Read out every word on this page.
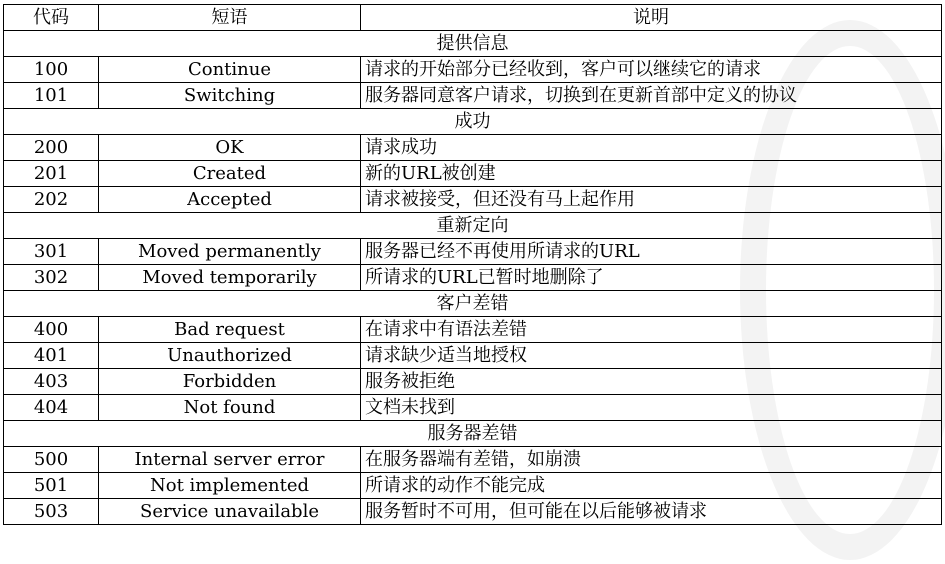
代码	短语	说明
提供信息		
100	Continue	请求的开始部分已经收到，客户可以继续它的请求
101	Switching	服务器同意客户请求，切换到在更新首部中定义的协议
成功		
200	OK	请求成功
201	Created	新的URL被创建
202	Accepted	请求被接受，但还没有马上起作用
重新定向		
301	Moved permanently	服务器已经不再使用所请求的URL
302	Moved temporarily	所请求的URL已暂时地删除了
客户差错		
400	Bad request	在请求中有语法差错
401	Unauthorized	请求缺少适当地授权
403	Forbidden	服务被拒绝
404	Not found	文档未找到
服务器差错		
500	Internal server error	在服务器端有差错，如崩溃
501	Not implemented	所请求的动作不能完成
503	Service unavailable	服务暂时不可用，但可能在以后能够被请求
